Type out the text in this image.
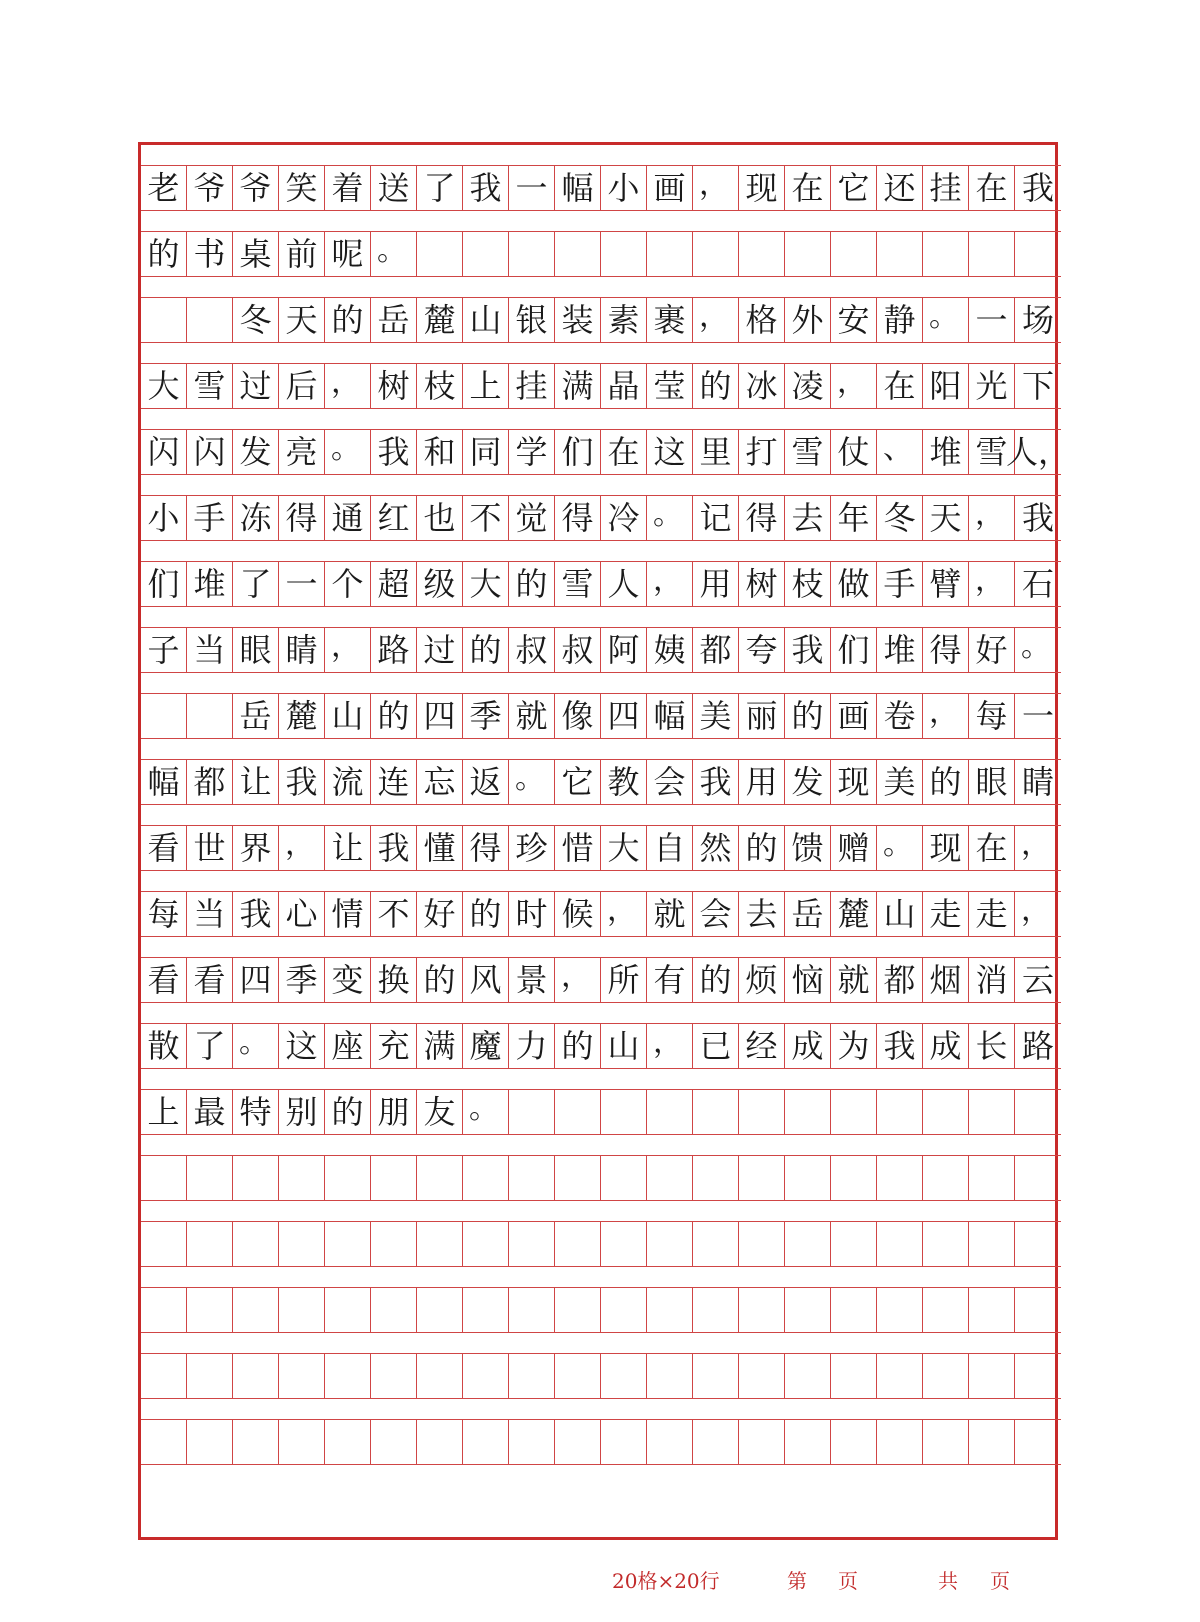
老 爷 爷 笑 着 送 了 我 一 幅 小 画 ， 现 在 它 还 挂 在 我
的 书 桌 前 呢 。
冬 天 的 岳 麓 山 银 装 素 裹 ， 格 外 安 静 。 一 场
大 雪 过 后 ， 树 枝 上 挂 满 晶 莹 的 冰 凌 ， 在 阳 光 下
闪 闪 发 亮 。 我 和 同 学 们 在 这 里 打 雪 仗 、 堆 雪
人，
小 手 冻 得 通 红 也 不 觉 得 冷 。 记 得 去 年 冬 天 ， 我
们 堆 了 一 个 超 级 大 的 雪 人 ， 用 树 枝 做 手 臂 ， 石
子 当 眼 睛 ， 路 过 的 叔 叔 阿 姨 都 夸 我 们 堆 得 好 。
岳 麓 山 的 四 季 就 像 四 幅 美 丽 的 画 卷 ， 每 一
幅 都 让 我 流 连 忘 返 。 它 教 会 我 用 发 现 美 的 眼 睛
看 世 界 ， 让 我 懂 得 珍 惜 大 自 然 的 馈 赠 。 现 在 ，
每 当 我 心 情 不 好 的 时 候 ， 就 会 去 岳 麓 山 走 走 ，
看 看 四 季 变 换 的 风 景 ， 所 有 的 烦 恼 就 都 烟 消 云
散 了 。 这 座 充 满 魔 力 的 山 ， 已 经 成 为 我 成 长 路
上 最 特 别 的 朋 友 。
20格×20行	第 页	共 页
